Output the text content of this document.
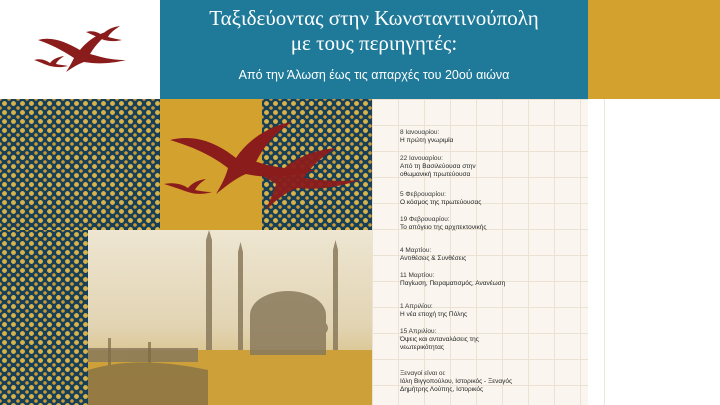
Ταξιδεύοντας στην Κωνσταντινούπολη
με τους περιηγητές:
Από την Άλωση έως τις απαρχές του 20ού αιώνα
8 Ιανουαρίου:
Η πρώτη γνωριμία
22 Ιανουαρίου:
Από τη Βασιλεύουσα στην
οθωμανική πρωτεύουσα
5 Φεβρουαρίου:
Ο κόσμος της πρωτεύουσας
19 Φεβρουαρίου:
Το απόγειο της αρχιτεκτονικής
4 Μαρτίου:
Αντιθέσεις & Συνθέσεις
11 Μαρτίου:
Παγίωση, Πειραματισμός, Ανανέωση
1 Απριλίου:
Η νέα εποχή της Πόλης
15 Απριλίου:
Όψεις και ανταναλάσεις της
νεωτερικότητας
Ξεναγοί είναι οι:
Ιόλη Βιγγοπούλου, Ιστορικός - Ξεναγός
Δημήτρης Λούπης, Ιστορικός
